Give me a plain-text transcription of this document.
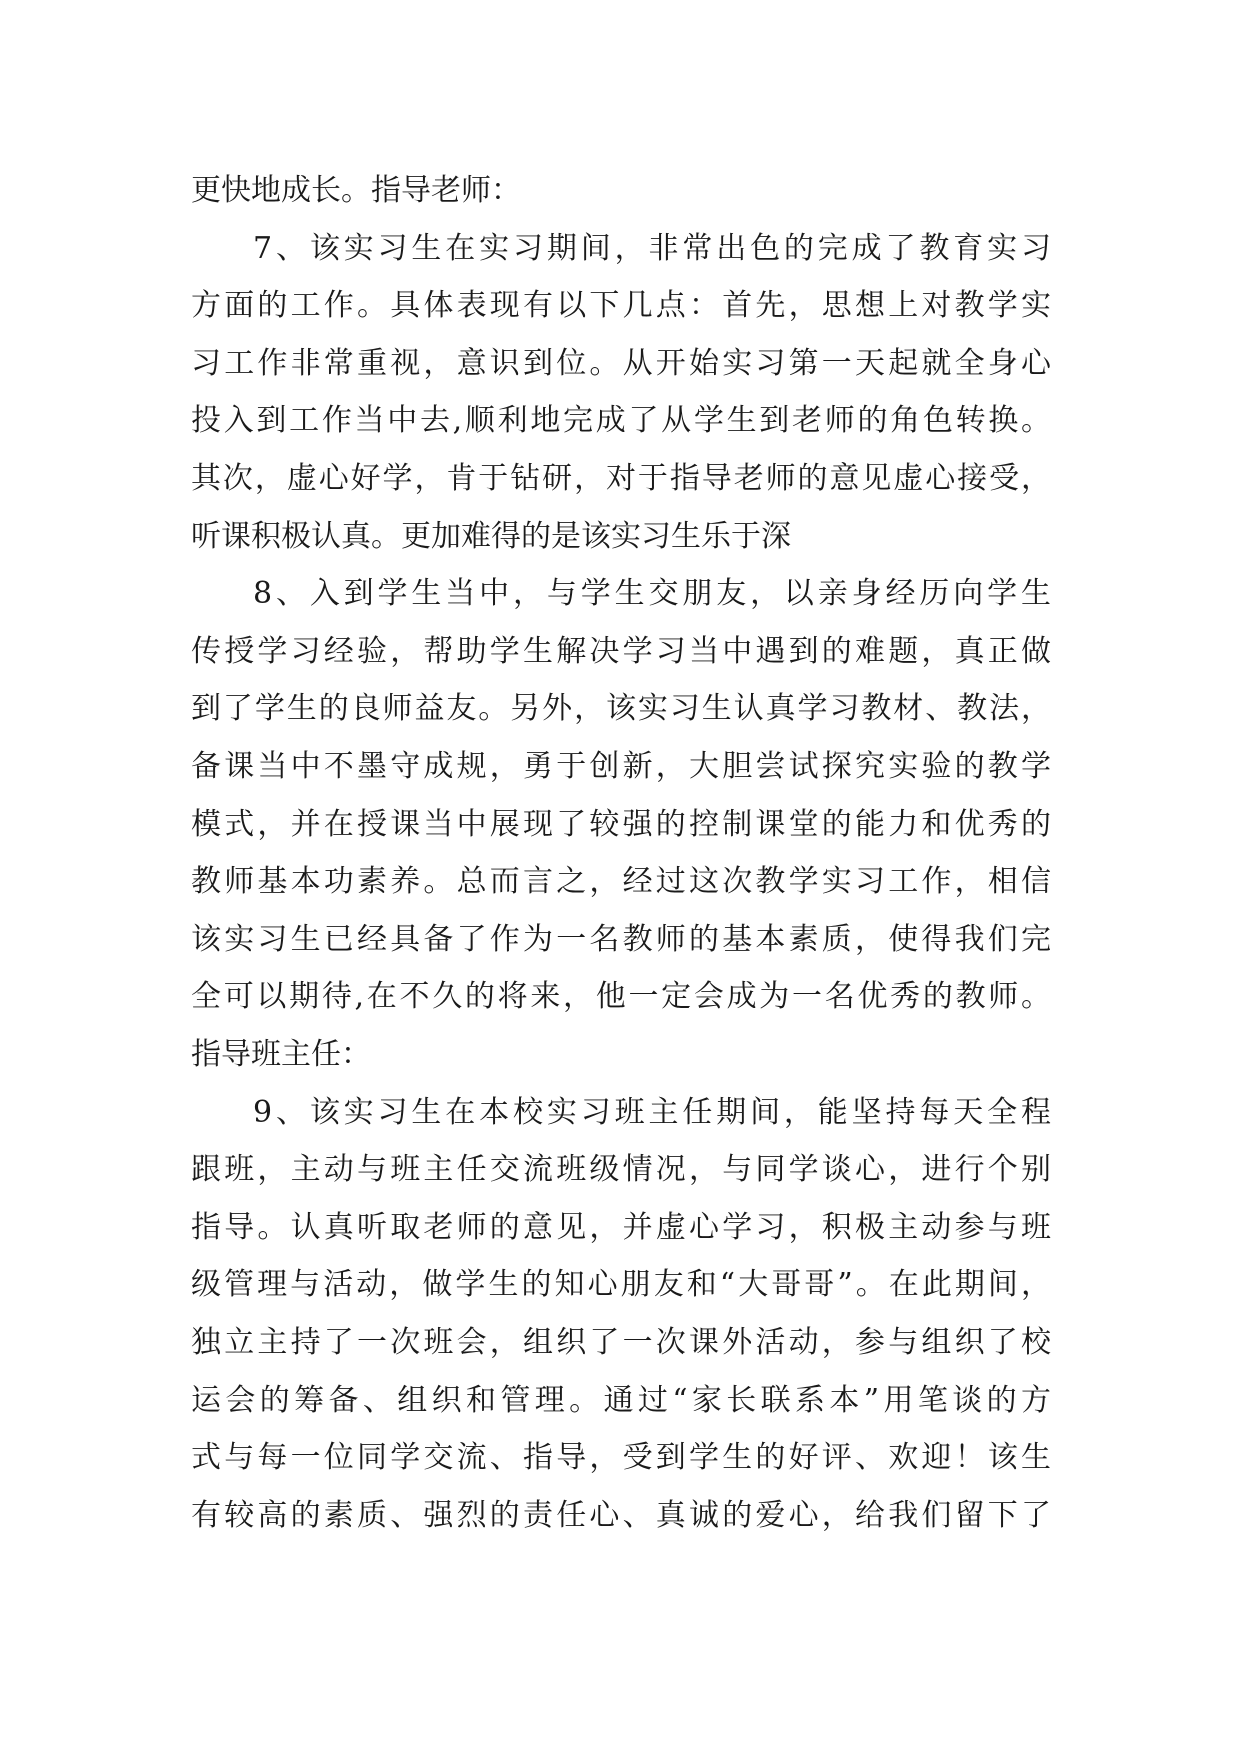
更快地成长。指导老师：
7、该实习生在实习期间，非常出色的完成了教育实习
方面的工作。具体表现有以下几点：首先，思想上对教学实
习工作非常重视，意识到位。从开始实习第一天起就全身心
投入到工作当中去,顺利地完成了从学生到老师的角色转换。
其次，虚心好学，肯于钻研，对于指导老师的意见虚心接受，
听课积极认真。更加难得的是该实习生乐于深
8、入到学生当中，与学生交朋友，以亲身经历向学生
传授学习经验，帮助学生解决学习当中遇到的难题，真正做
到了学生的良师益友。另外，该实习生认真学习教材、教法，
备课当中不墨守成规，勇于创新，大胆尝试探究实验的教学
模式，并在授课当中展现了较强的控制课堂的能力和优秀的
教师基本功素养。总而言之，经过这次教学实习工作，相信
该实习生已经具备了作为一名教师的基本素质，使得我们完
全可以期待,在不久的将来，他一定会成为一名优秀的教师。
指导班主任：
9、该实习生在本校实习班主任期间，能坚持每天全程
跟班，主动与班主任交流班级情况，与同学谈心，进行个别
指导。认真听取老师的意见，并虚心学习，积极主动参与班
级管理与活动，做学生的知心朋友和“大哥哥”。在此期间，
独立主持了一次班会，组织了一次课外活动，参与组织了校
运会的筹备、组织和管理。通过“家长联系本”用笔谈的方
式与每一位同学交流、指导，受到学生的好评、欢迎！该生
有较高的素质、强烈的责任心、真诚的爱心，给我们留下了
